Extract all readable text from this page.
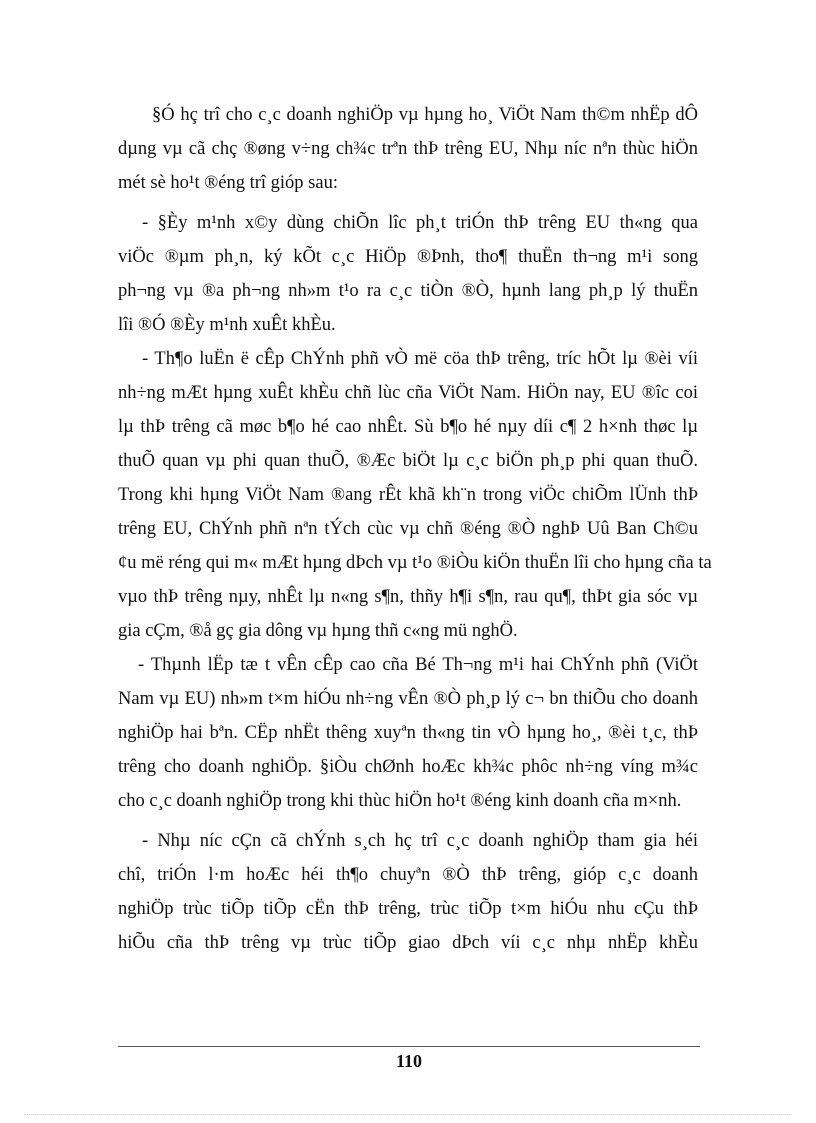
§Ó hç trî cho c¸c doanh nghiÖp vµ hµng ho¸ ViÖt Nam th©m nhËp dÔ
dµng vµ cã chç ®øng v÷ng ch¾c trªn thÞ trêng EU, Nhµ níc nªn thùc hiÖn
mét sè ho¹t ®éng trî gióp sau:
- §Èy m¹nh x©y dùng chiÕn lîc ph¸t triÓn thÞ trêng EU th«ng qua
viÖc ®µm ph¸n, ký kÕt c¸c HiÖp ®Þnh, tho¶ thuËn th¬ng m¹i song
ph¬ng vµ ®a ph¬ng nh»m t¹o ra c¸c tiÒn ®Ò, hµnh lang ph¸p lý thuËn
lîi ®Ó ®Èy m¹nh xuÊt khÈu.
- Th¶o luËn ë cÊp ChÝnh phñ vÒ më cöa thÞ trêng, tríc hÕt lµ ®èi víi
nh÷ng mÆt hµng xuÊt khÈu chñ lùc cña ViÖt Nam. HiÖn nay, EU ®îc coi
lµ thÞ trêng cã møc b¶o hé cao nhÊt. Sù b¶o hé nµy díi c¶ 2 h×nh thøc lµ
thuÕ quan vµ phi quan thuÕ, ®Æc biÖt lµ c¸c biÖn ph¸p phi quan thuÕ.
Trong khi hµng ViÖt Nam ®ang rÊt khã kh¨n trong viÖc chiÕm lÜnh thÞ
trêng EU, ChÝnh phñ nªn tÝch cùc vµ chñ ®éng ®Ò nghÞ Uû Ban Ch©u
¢u më réng qui m« mÆt hµng dÞch vµ t¹o ®iÒu kiÖn thuËn lîi cho hµng cña ta
vµo thÞ trêng nµy, nhÊt lµ n«ng s¶n, thñy h¶i s¶n, rau qu¶, thÞt gia sóc vµ
gia cÇm, ®å gç gia dông vµ hµng thñ c«ng mü nghÖ.
- Thµnh lËp tæ t vÊn cÊp cao cña Bé Th¬ng m¹i hai ChÝnh phñ (ViÖt
Nam vµ EU) nh»m t×m hiÓu nh÷ng vÊn ®Ò ph¸p lý c¬ bn thiÕu cho doanh
nghiÖp hai bªn. CËp nhËt thêng xuyªn th«ng tin vÒ hµng ho¸, ®èi t¸c, thÞ
trêng cho doanh nghiÖp. §iÒu chØnh hoÆc kh¾c phôc nh÷ng víng m¾c
cho c¸c doanh nghiÖp trong khi thùc hiÖn ho¹t ®éng kinh doanh cña m×nh.
- Nhµ níc cÇn cã chÝnh s¸ch hç trî c¸c doanh nghiÖp tham gia héi
chî, triÓn l·m hoÆc héi th¶o chuyªn ®Ò thÞ trêng, gióp c¸c doanh
nghiÖp trùc tiÕp tiÕp cËn thÞ trêng, trùc tiÕp t×m hiÓu nhu cÇu thÞ
hiÕu cña thÞ trêng vµ trùc tiÕp giao dÞch víi c¸c nhµ nhËp khÈu
110
